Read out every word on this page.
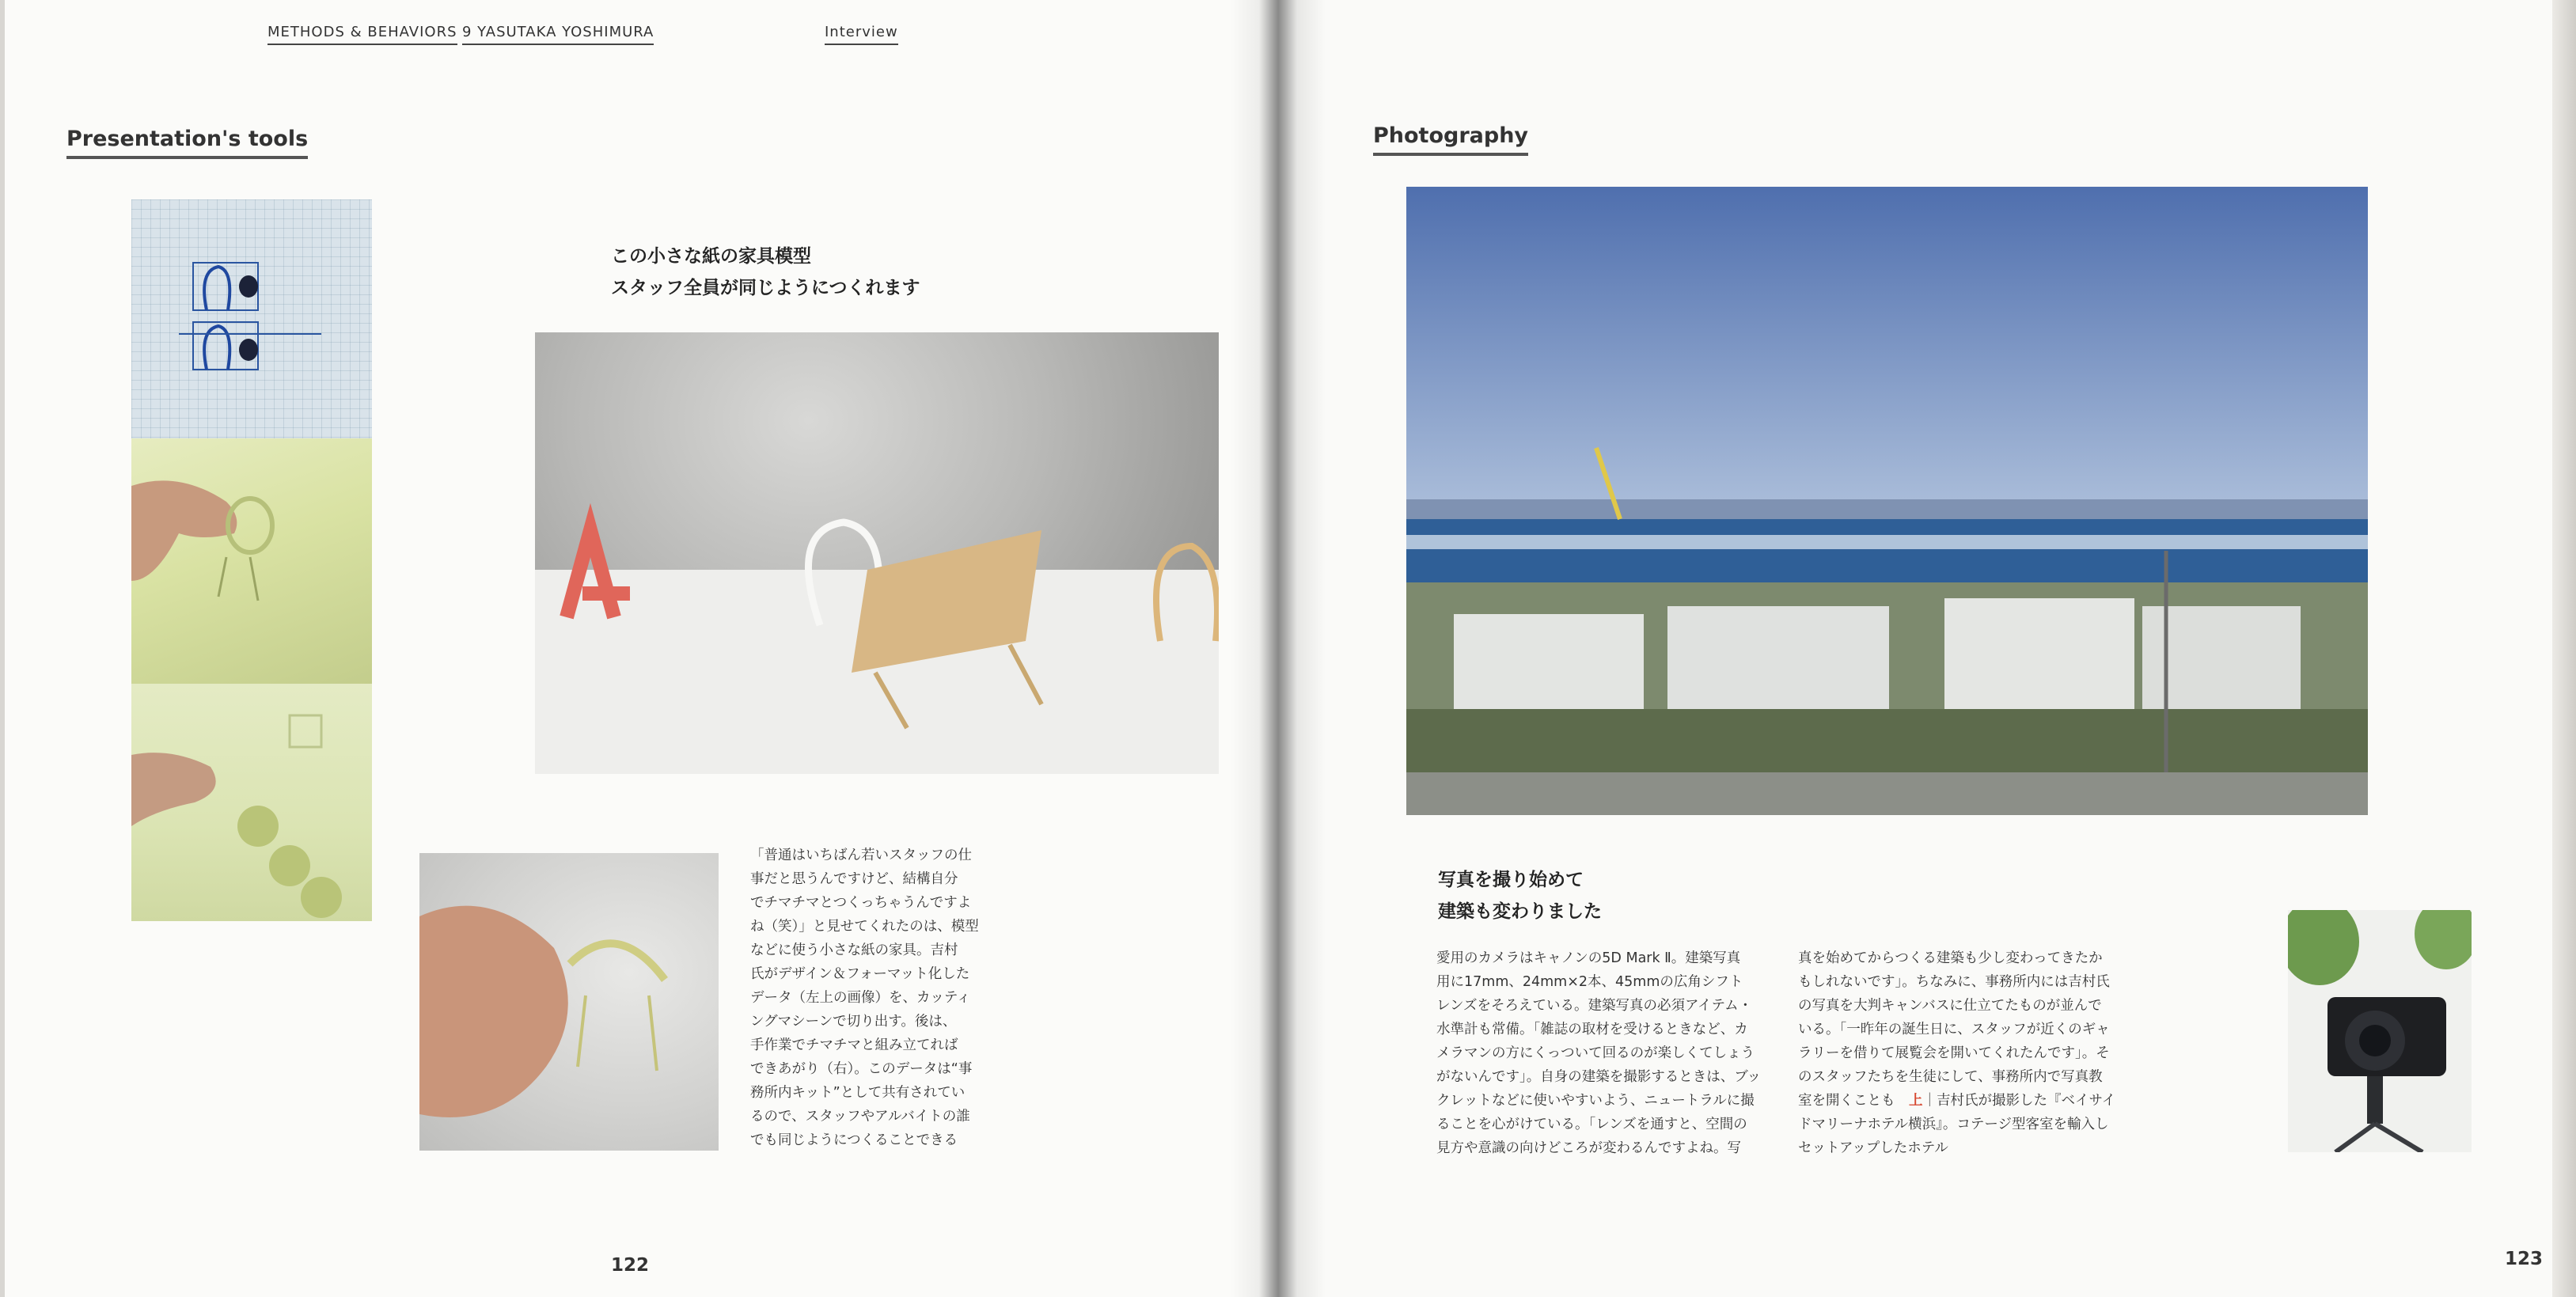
METHODS & BEHAVIORS 9 YASUTAKA YOSHIMURA	Interview
Presentation's tools
この小さな紙の家具模型
スタッフ全員が同じようにつくれます
「普通はいちばん若いスタッフの仕
事だと思うんですけど、結構自分
でチマチマとつくっちゃうんですよ
ね（笑）」と見せてくれたのは、模型
などに使う小さな紙の家具。吉村
氏がデザイン＆フォーマット化した
データ（左上の画像）を、カッティ
ングマシーンで切り出す。後は、
手作業でチマチマと組み立てれば
できあがり（右）。このデータは“事
務所内キット”として共有されてい
るので、スタッフやアルバイトの誰
でも同じようにつくることできる
122
Photography
写真を撮り始めて
建築も変わりました
愛用のカメラはキャノンの5D Mark Ⅱ。建築写真
用に17mm、24mm×2本、45mmの広角シフト
レンズをそろえている。建築写真の必須アイテム・
水準計も常備。「雑誌の取材を受けるときなど、カ
メラマンの方にくっついて回るのが楽しくてしょう
がないんです」。自身の建築を撮影するときは、ブッ
クレットなどに使いやすいよう、ニュートラルに撮
ることを心がけている。「レンズを通すと、空間の
見方や意識の向けどころが変わるんですよね。写
真を始めてからつくる建築も少し変わってきたか
もしれないです」。ちなみに、事務所内には吉村氏
の写真を大判キャンバスに仕立てたものが並んで
いる。「一昨年の誕生日に、スタッフが近くのギャ
ラリーを借りて展覧会を開いてくれたんです」。そ
のスタッフたちを生徒にして、事務所内で写真教
室を開くことも　上｜吉村氏が撮影した『ベイサイ
ドマリーナホテル横浜』。コテージ型客室を輸入し
セットアップしたホテル
123
